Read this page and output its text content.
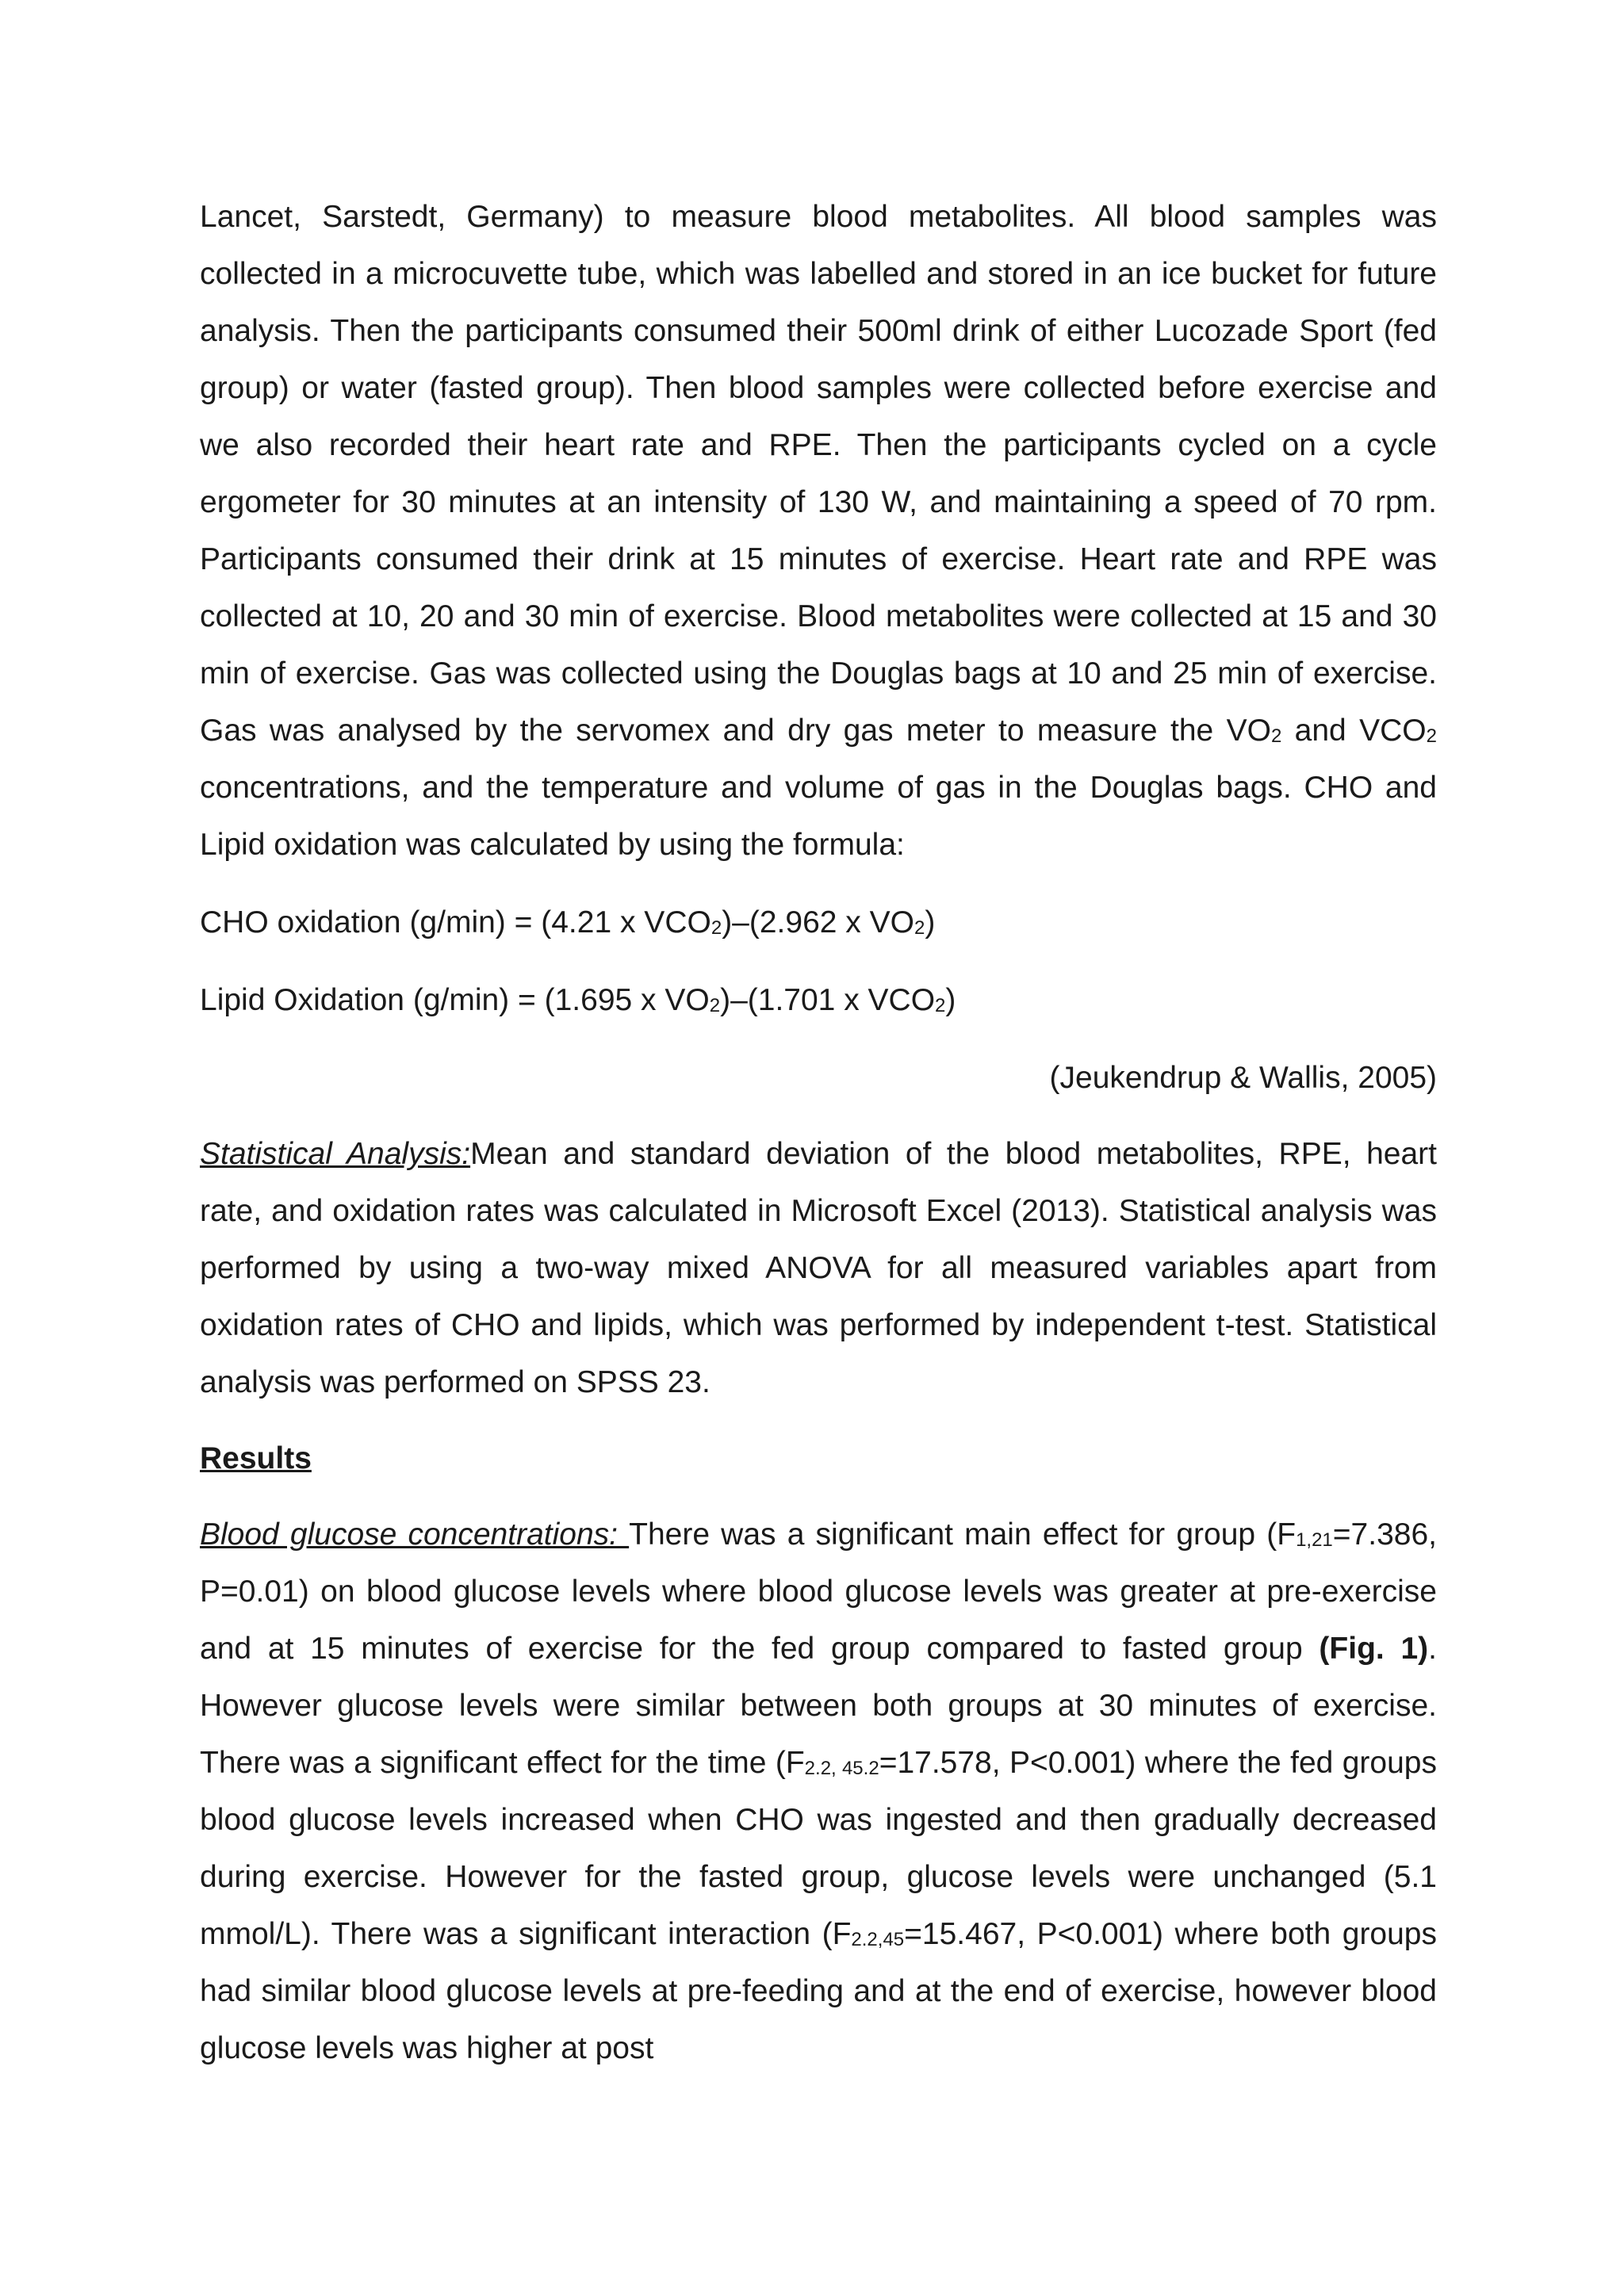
Lancet, Sarstedt, Germany) to measure blood metabolites. All blood samples was collected in a microcuvette tube, which was labelled and stored in an ice bucket for future analysis. Then the participants consumed their 500ml drink of either Lucozade Sport (fed group) or water (fasted group). Then blood samples were collected before exercise and we also recorded their heart rate and RPE. Then the participants cycled on a cycle ergometer for 30 minutes at an intensity of 130 W, and maintaining a speed of 70 rpm. Participants consumed their drink at 15 minutes of exercise. Heart rate and RPE was collected at 10, 20 and 30 min of exercise. Blood metabolites were collected at 15 and 30 min of exercise. Gas was collected using the Douglas bags at 10 and 25 min of exercise. Gas was analysed by the servomex and dry gas meter to measure the $VO_2$ and $VCO_2$ concentrations, and the temperature and volume of gas in the Douglas bags. CHO and Lipid oxidation was calculated by using the formula:

CHO oxidation (g/min) = (4.21 x $VCO_2)-(2.962$ x $VO_2$)

Lipid Oxidation (g/min) = (1.695 x $VO_2)-(1.701$ x $VCO_2$)

(Jeukendrup & Wallis, 2005)

Statistical Analysis:Mean and standard deviation of the blood metabolites, RPE, heart rate, and oxidation rates was calculated in Microsoft Excel (2013). Statistical analysis was performed by using a two-way mixed ANOVA for all measured variables apart from oxidation rates of CHO and lipids, which was performed by independent t-test. Statistical analysis was performed on SPSS 23.

Results

Blood glucose concentrations: There was a significant main effect for group ($F_{1,21}=7.386$, P=0.01) on blood glucose levels where blood glucose levels was greater at pre-exercise and at 15 minutes of exercise for the fed group compared to fasted group (Fig. 1). However glucose levels were similar between both groups at 30 minutes of exercise. There was a significant effect for the time ($F_{2.2, 45.2}=17.578$, P<0.001) where the fed groups blood glucose levels increased when CHO was ingested and then gradually decreased during exercise. However for the fasted group, glucose levels were unchanged (5.1 mmol/L). There was a significant interaction ($F_{2.2,45}=15.467$, P<0.001) where both groups had similar blood glucose levels at pre-feeding and at the end of exercise, however blood glucose levels was higher at post
